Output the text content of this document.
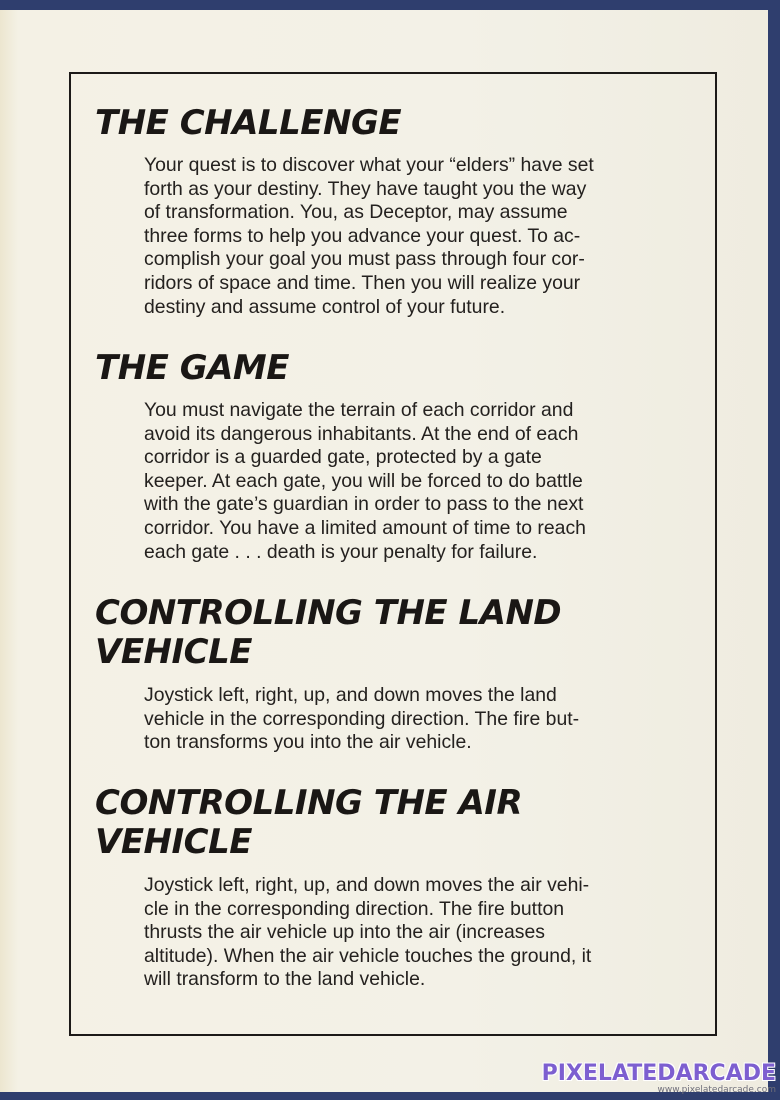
THE CHALLENGE

Your quest is to discover what your “elders” have set
forth as your destiny. They have taught you the way
of transformation. You, as Deceptor, may assume
three forms to help you advance your quest. To ac-
complish your goal you must pass through four cor-
ridors of space and time. Then you will realize your
destiny and assume control of your future.

THE GAME

You must navigate the terrain of each corridor and
avoid its dangerous inhabitants. At the end of each
corridor is a guarded gate, protected by a gate
keeper. At each gate, you will be forced to do battle
with the gate’s guardian in order to pass to the next
corridor. You have a limited amount of time to reach
each gate . . . death is your penalty for failure.

CONTROLLING THE LAND
VEHICLE

Joystick left, right, up, and down moves the land
vehicle in the corresponding direction. The fire but-
ton transforms you into the air vehicle.

CONTROLLING THE AIR
VEHICLE

Joystick left, right, up, and down moves the air vehi-
cle in the corresponding direction. The fire button
thrusts the air vehicle up into the air (increases
altitude). When the air vehicle touches the ground, it
will transform to the land vehicle.

PIXELATEDARCADE
www.pixelatedarcade.com
